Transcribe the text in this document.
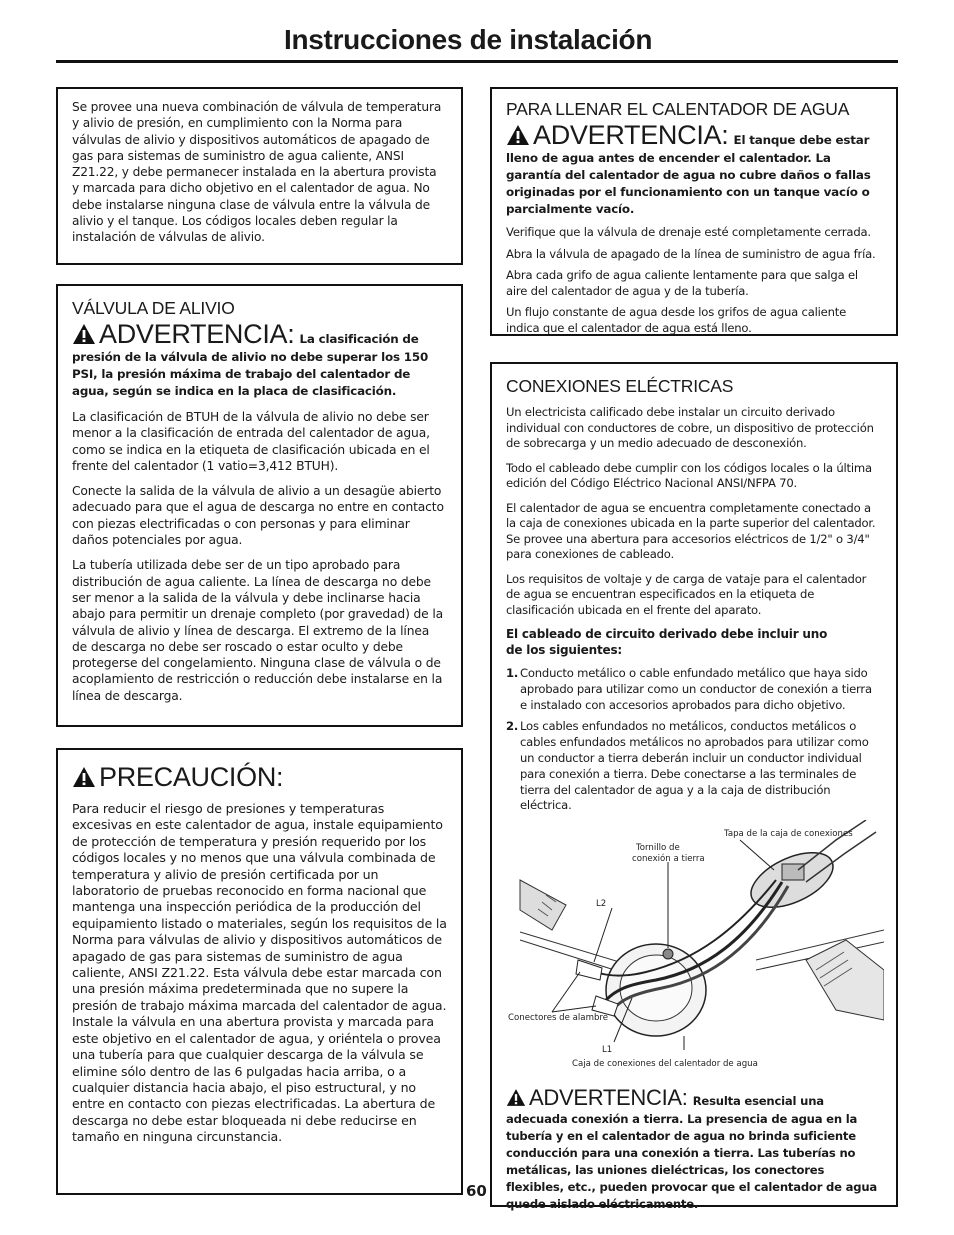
Instrucciones de instalación

Se provee una nueva combinación de válvula de temperatura y alivio de presión, en cumplimiento con la Norma para válvulas de alivio y dispositivos automáticos de apagado de gas para sistemas de suministro de agua caliente, ANSI Z21.22, y debe permanecer instalada en la abertura provista y marcada para dicho objetivo en el calentador de agua. No debe instalarse ninguna clase de válvula entre la válvula de alivio y el tanque. Los códigos locales deben regular la instalación de válvulas de alivio.

VÁLVULA DE ALIVIO
ADVERTENCIA: La clasificación de presión de la válvula de alivio no debe superar los 150 PSI, la presión máxima de trabajo del calentador de agua, según se indica en la placa de clasificación.

La clasificación de BTUH de la válvula de alivio no debe ser menor a la clasificación de entrada del calentador de agua, como se indica en la etiqueta de clasificación ubicada en el frente del calentador (1 vatio=3,412 BTUH).

Conecte la salida de la válvula de alivio a un desagüe abierto adecuado para que el agua de descarga no entre en contacto con piezas electrificadas o con personas y para eliminar daños potenciales por agua.

La tubería utilizada debe ser de un tipo aprobado para distribución de agua caliente. La línea de descarga no debe ser menor a la salida de la válvula y debe inclinarse hacia abajo para permitir un drenaje completo (por gravedad) de la válvula de alivio y línea de descarga. El extremo de la línea de descarga no debe ser roscado o estar oculto y debe protegerse del congelamiento. Ninguna clase de válvula o de acoplamiento de restricción o reducción debe instalarse en la línea de descarga.

PRECAUCIÓN:

Para reducir el riesgo de presiones y temperaturas excesivas en este calentador de agua, instale equipamiento de protección de temperatura y presión requerido por los códigos locales y no menos que una válvula combinada de temperatura y alivio de presión certificada por un laboratorio de pruebas reconocido en forma nacional que mantenga una inspección periódica de la producción del equipamiento listado o materiales, según los requisitos de la Norma para válvulas de alivio y dispositivos automáticos de apagado de gas para sistemas de suministro de agua caliente, ANSI Z21.22. Esta válvula debe estar marcada con una presión máxima predeterminada que no supere la presión de trabajo máxima marcada del calentador de agua. Instale la válvula en una abertura provista y marcada para este objetivo en el calentador de agua, y oriéntela o provea una tubería para que cualquier descarga de la válvula se elimine sólo dentro de las 6 pulgadas hacia arriba, o a cualquier distancia hacia abajo, el piso estructural, y no entre en contacto con piezas electrificadas. La abertura de descarga no debe estar bloqueada ni debe reducirse en tamaño en ninguna circunstancia.

PARA LLENAR EL CALENTADOR DE AGUA
ADVERTENCIA: El tanque debe estar lleno de agua antes de encender el calentador. La garantía del calentador de agua no cubre daños o fallas originadas por el funcionamiento con un tanque vacío o parcialmente vacío.

Verifique que la válvula de drenaje esté completamente cerrada.

Abra la válvula de apagado de la línea de suministro de agua fría.

Abra cada grifo de agua caliente lentamente para que salga el aire del calentador de agua y de la tubería.

Un flujo constante de agua desde los grifos de agua caliente indica que el calentador de agua está lleno.

CONEXIONES ELÉCTRICAS

Un electricista calificado debe instalar un circuito derivado individual con conductores de cobre, un dispositivo de protección de sobrecarga y un medio adecuado de desconexión.

Todo el cableado debe cumplir con los códigos locales o la última edición del Código Eléctrico Nacional ANSI/NFPA 70.

El calentador de agua se encuentra completamente conectado a la caja de conexiones ubicada en la parte superior del calentador. Se provee una abertura para accesorios eléctricos de 1/2" o 3/4" para conexiones de cableado.

Los requisitos de voltaje y de carga de vataje para el calentador de agua se encuentran especificados en la etiqueta de clasificación ubicada en el frente del aparato.

El cableado de circuito derivado debe incluir uno de los siguientes:

1. Conducto metálico o cable enfundado metálico que haya sido aprobado para utilizar como un conductor de conexión a tierra e instalado con accesorios aprobados para dicho objetivo.
2. Los cables enfundados no metálicos, conductos metálicos o cables enfundados metálicos no aprobados para utilizar como un conductor a tierra deberán incluir un conductor individual para conexión a tierra. Debe conectarse a las terminales de tierra del calentador de agua y a la caja de distribución eléctrica.
Tapa de la caja de conexiones
Tornillo de
conexión a tierra
L2
Conectores de alambre
L1
Caja de conexiones del calentador de agua
ADVERTENCIA: Resulta esencial una adecuada conexión a tierra. La presencia de agua en la tubería y en el calentador de agua no brinda suficiente conducción para una conexión a tierra. Las tuberías no metálicas, las uniones dieléctricas, los conectores flexibles, etc., pueden provocar que el calentador de agua quede aislado eléctricamente.
60
